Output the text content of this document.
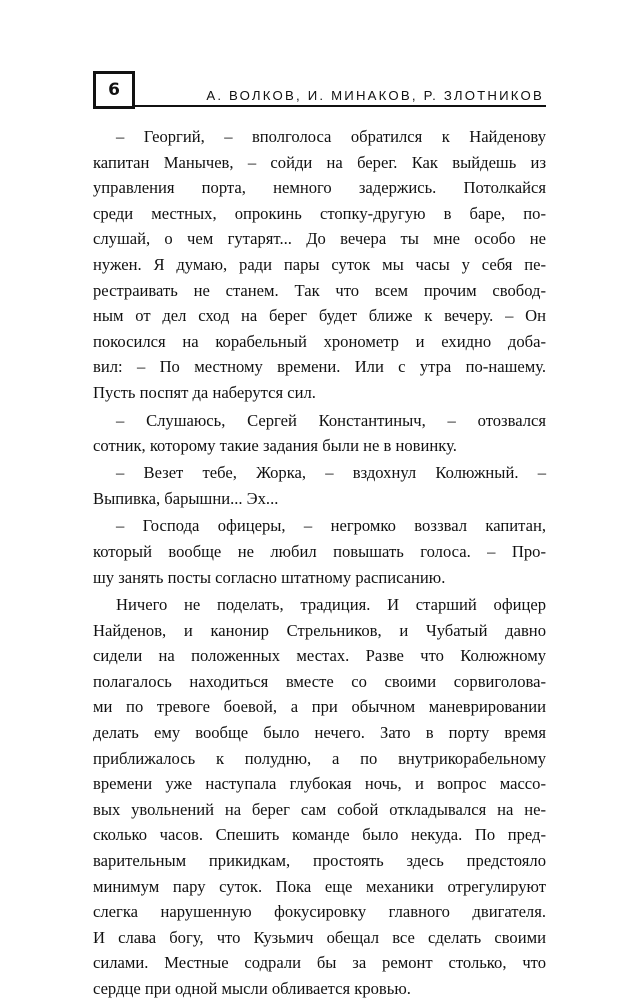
6	А. ВОЛКОВ, И. МИНАКОВ, Р. ЗЛОТНИКОВ
– Георгий, – вполголоса обратился к Найденову
капитан Манычев, – сойди на берег. Как выйдешь из
управления порта, немного задержись. Потолкайся
среди местных, опрокинь стопку-другую в баре, по-
слушай, о чем гутарят... До вечера ты мне особо не
нужен. Я думаю, ради пары суток мы часы у себя пе-
рестраивать не станем. Так что всем прочим свобод-
ным от дел сход на берег будет ближе к вечеру. – Он
покосился на корабельный хронометр и ехидно доба-
вил: – По местному времени. Или с утра по-нашему.
Пусть поспят да наберутся сил.
– Слушаюсь, Сергей Константиныч, – отозвался
сотник, которому такие задания были не в новинку.
– Везет тебе, Жорка, – вздохнул Колюжный. –
Выпивка, барышни... Эх...
– Господа офицеры, – негромко воззвал капитан,
который вообще не любил повышать голоса. – Про-
шу занять посты согласно штатному расписанию.
Ничего не поделать, традиция. И старший офицер
Найденов, и канонир Стрельников, и Чубатый давно
сидели на положенных местах. Разве что Колюжному
полагалось находиться вместе со своими сорвиголова-
ми по тревоге боевой, а при обычном маневрировании
делать ему вообще было нечего. Зато в порту время
приближалось к полудню, а по внутрикорабельному
времени уже наступала глубокая ночь, и вопрос массо-
вых увольнений на берег сам собой откладывался на не-
сколько часов. Спешить команде было некуда. По пред-
варительным прикидкам, простоять здесь предстояло
минимум пару суток. Пока еще механики отрегулируют
слегка нарушенную фокусировку главного двигателя.
И слава богу, что Кузьмич обещал все сделать своими
силами. Местные содрали бы за ремонт столько, что
сердце при одной мысли обливается кровью.
